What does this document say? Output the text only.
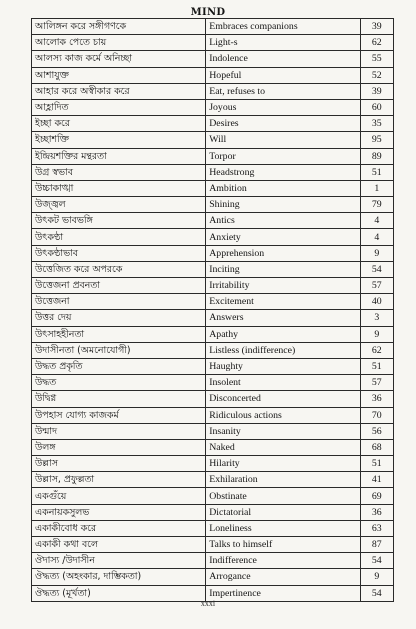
MIND
আলিঙ্গন করে সঙ্গীগণকে	Embraces companions	39
আলোক পেতে চায়	Light-s	62
আলস্য কাজ কর্মে অনিচ্ছা	Indolence	55
আশাযুক্ত	Hopeful	52
আহার করে অস্বীকার করে	Eat, refuses to	39
আহ্লাদিত	Joyous	60
ইচ্ছা করে	Desires	35
ইচ্ছাশক্তি	Will	95
ইন্দ্রিয়শক্তির মন্থরতা	Torpor	89
উগ্র স্বভাব	Headstrong	51
উচ্চাকাঙ্খা	Ambition	1
উজ্জ্বল	Shining	79
উৎকট ভাবভঙ্গি	Antics	4
উৎকণ্ঠা	Anxiety	4
উৎকণ্ঠাভাব	Apprehension	9
উত্তেজিত করে অপরকে	Inciting	54
উত্তেজনা প্রবনতা	Irritability	57
উত্তেজনা	Excitement	40
উত্তর দেয়	Answers	3
উৎসাহহীনতা	Apathy	9
উদাসীনতা (অমনোযোগী)	Listless (indifference)	62
উদ্ধত প্রকৃতি	Haughty	51
উদ্ধত	Insolent	57
উদ্বিগ্ন	Disconcerted	36
উপহাস যোগ্য কাজকর্ম	Ridiculous actions	70
উন্মাদ	Insanity	56
উলঙ্গ	Naked	68
উল্লাস	Hilarity	51
উল্লাস, প্রফুল্লতা	Exhilaration	41
একগুঁয়ে	Obstinate	69
একনায়কসুলভ	Dictatorial	36
একাকীবোধ করে	Loneliness	63
একাকী কথা বলে	Talks to himself	87
ঔদাস্য /উদাসীন	Indifference	54
ঔদ্ধত্য (অহংকার, দাম্ভিকতা)	Arrogance	9
ঔদ্ধত্য (মূর্খতা)	Impertinence	54
xxxi
